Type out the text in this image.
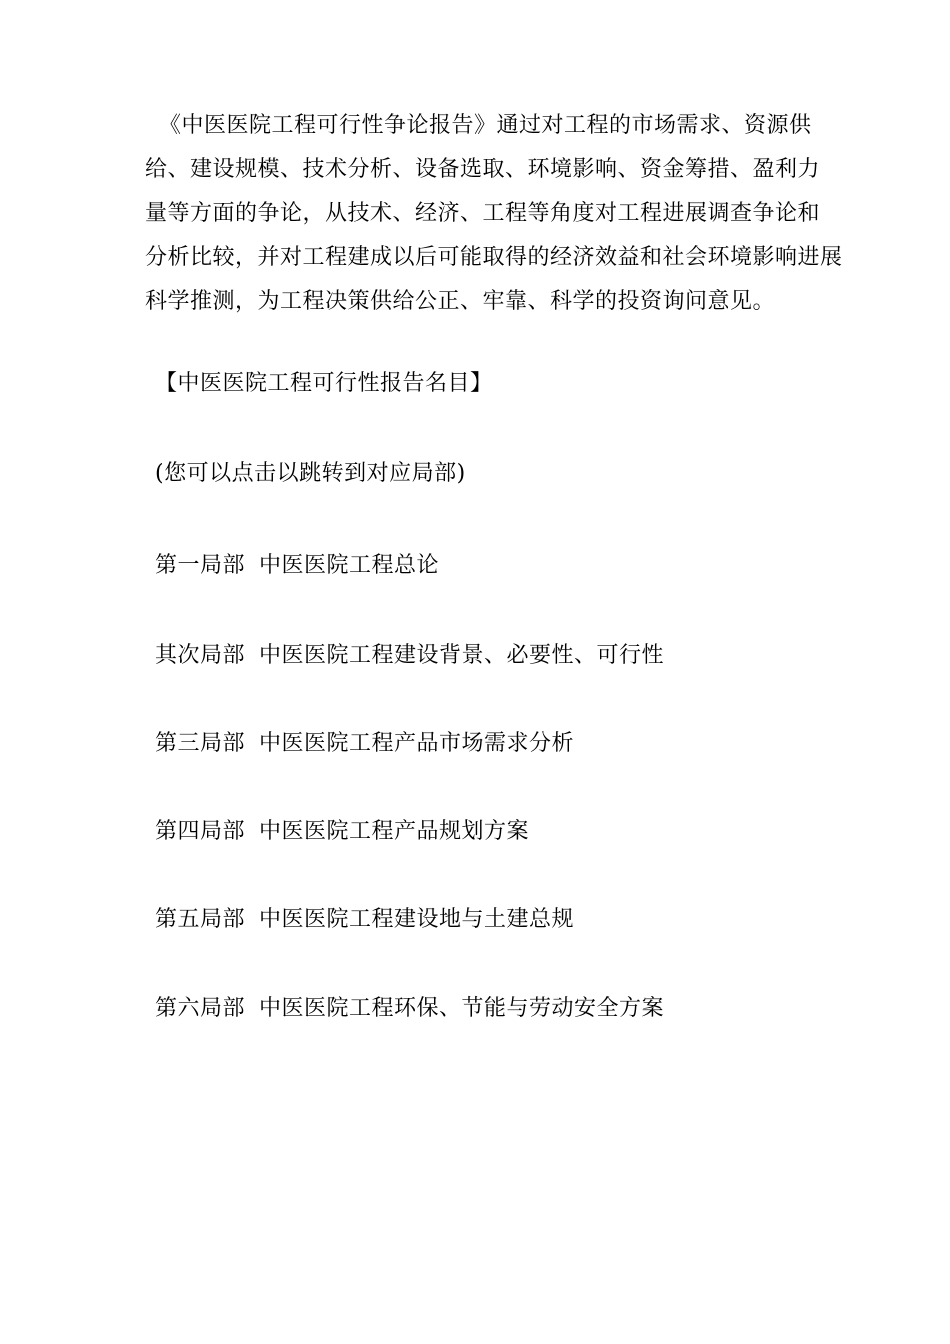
《中医医院工程可行性争论报告》通过对工程的市场需求、资源供
给、建设规模、技术分析、设备选取、环境影响、资金筹措、盈利力
量等方面的争论，从技术、经济、工程等角度对工程进展调查争论和
分析比较，并对工程建成以后可能取得的经济效益和社会环境影响进展
科学推测，为工程决策供给公正、牢靠、科学的投资询问意见。

【中医医院工程可行性报告名目】

(您可以点击以跳转到对应局部)

第一局部 中医医院工程总论
其次局部 中医医院工程建设背景、必要性、可行性
第三局部 中医医院工程产品市场需求分析
第四局部 中医医院工程产品规划方案
第五局部 中医医院工程建设地与土建总规
第六局部 中医医院工程环保、节能与劳动安全方案
